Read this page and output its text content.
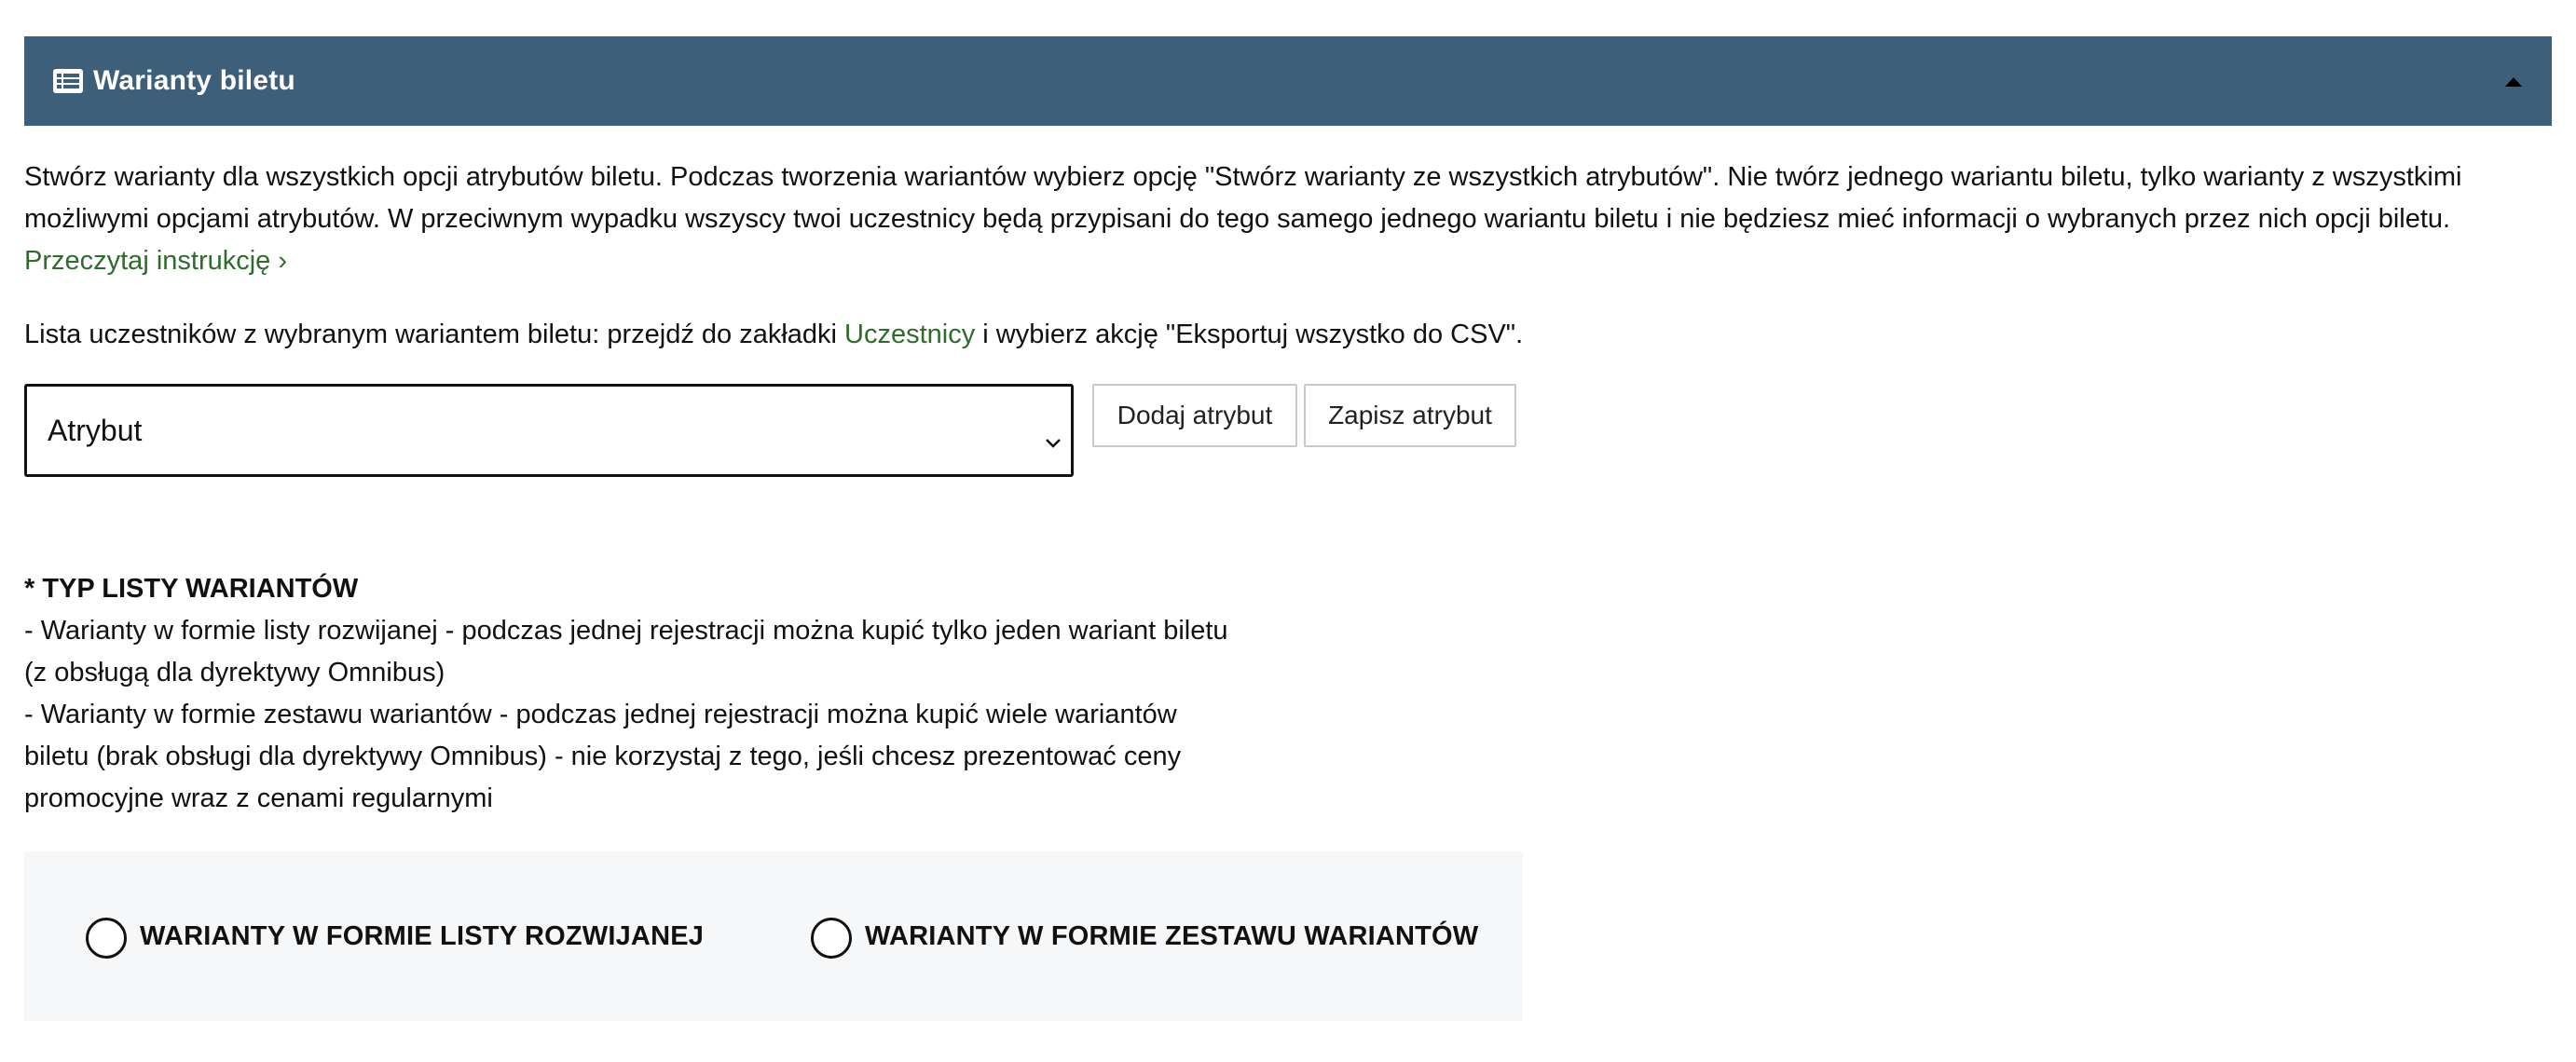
Warianty biletu

Stwórz warianty dla wszystkich opcji atrybutów biletu. Podczas tworzenia wariantów wybierz opcję "Stwórz warianty ze wszystkich atrybutów". Nie twórz jednego wariantu biletu, tylko warianty z wszystkimi możliwymi opcjami atrybutów. W przeciwnym wypadku wszyscy twoi uczestnicy będą przypisani do tego samego jednego wariantu biletu i nie będziesz mieć informacji o wybranych przez nich opcji biletu. Przeczytaj instrukcję ›

Lista uczestników z wybranym wariantem biletu: przejdź do zakładki Uczestnicy i wybierz akcję "Eksportuj wszystko do CSV".

Atrybut	Dodaj atrybut	Zapisz atrybut
* TYP LISTY WARIANTÓW
- Warianty w formie listy rozwijanej - podczas jednej rejestracji można kupić tylko jeden wariant biletu
(z obsługą dla dyrektywy Omnibus)
- Warianty w formie zestawu wariantów - podczas jednej rejestracji można kupić wiele wariantów
biletu (brak obsługi dla dyrektywy Omnibus) - nie korzystaj z tego, jeśli chcesz prezentować ceny
promocyjne wraz z cenami regularnymi
WARIANTY W FORMIE LISTY ROZWIJANEJ	WARIANTY W FORMIE ZESTAWU WARIANTÓW
